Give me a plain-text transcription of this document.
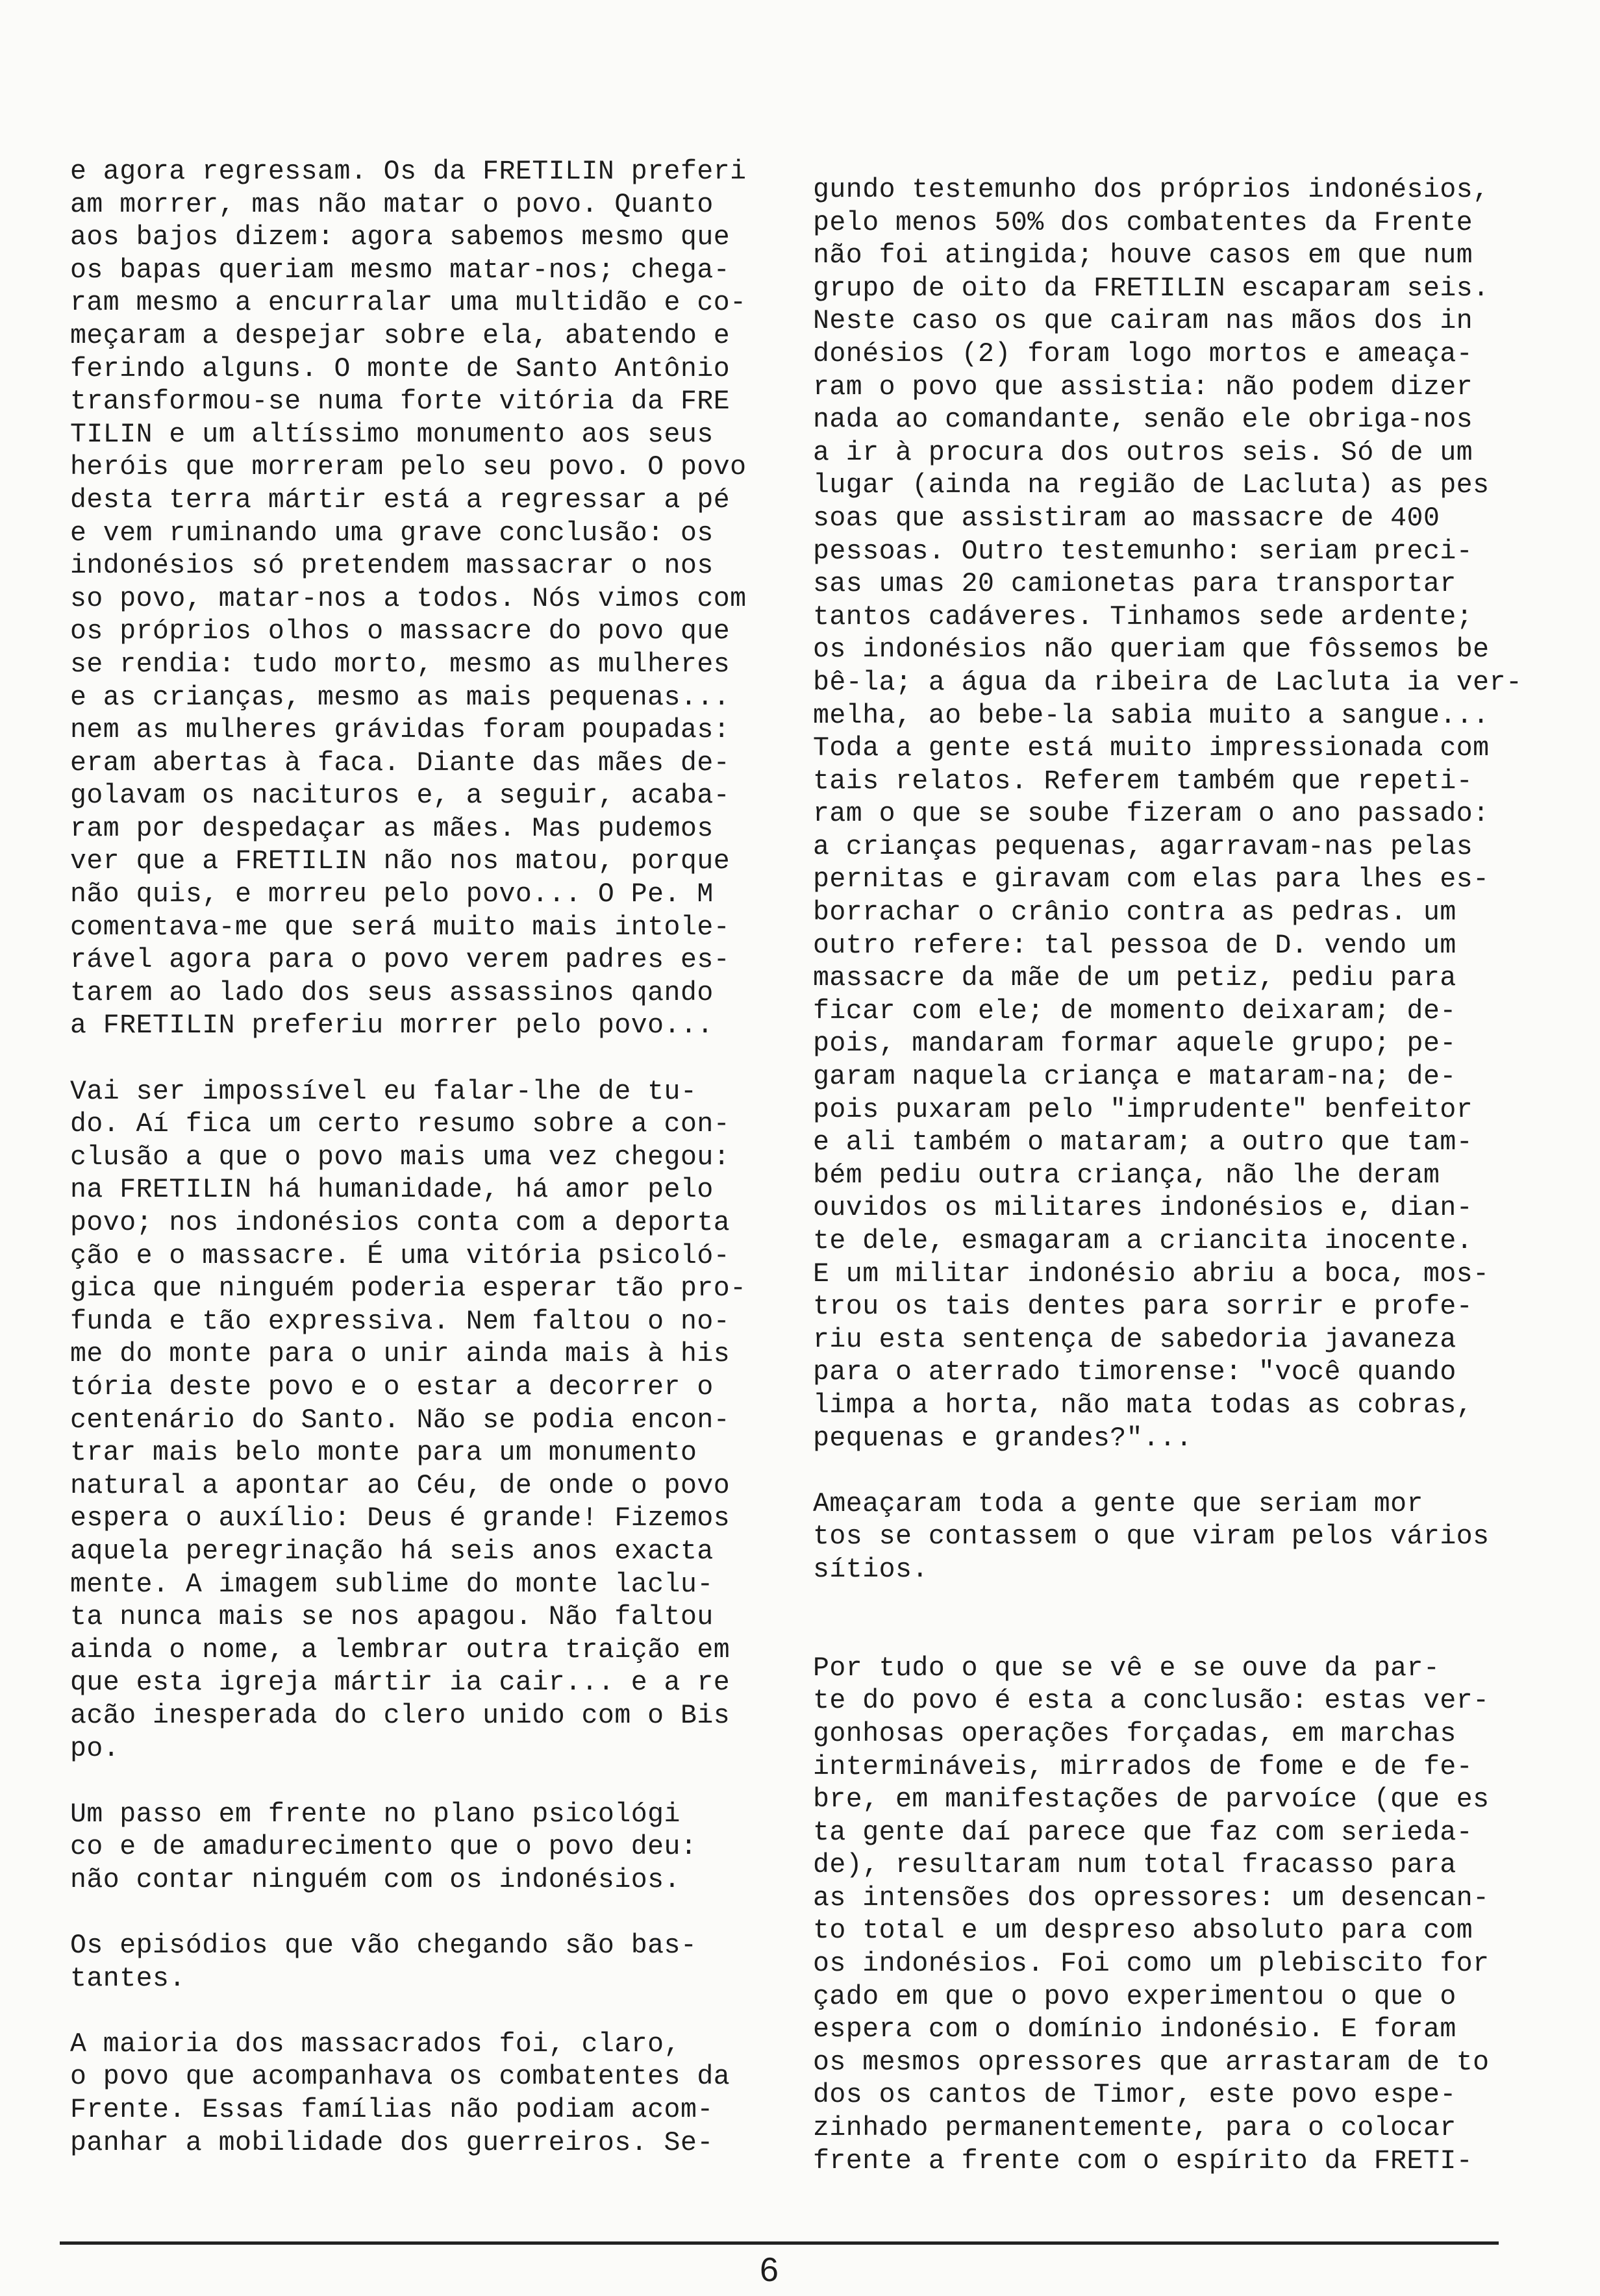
e agora regressam. Os da FRETILIN preferi

am morrer, mas não matar o povo. Quanto

aos bajos dizem: agora sabemos mesmo que

os bapas queriam mesmo matar-nos; chega-

ram mesmo a encurralar uma multidão e co-

meçaram a despejar sobre ela, abatendo e

ferindo alguns. O monte de Santo Antônio

transformou-se numa forte vitória da FRE

TILIN e um altíssimo monumento aos seus

heróis que morreram pelo seu povo. O povo

desta terra mártir está a regressar a pé

e vem ruminando uma grave conclusão: os

indonésios só pretendem massacrar o nos

so povo, matar-nos a todos. Nós vimos com

os próprios olhos o massacre do povo que

se rendia: tudo morto, mesmo as mulheres

e as crianças, mesmo as mais pequenas...

nem as mulheres grávidas foram poupadas:

eram abertas à faca. Diante das mães de-

golavam os nacituros e, a seguir, acaba-

ram por despedaçar as mães. Mas pudemos

ver que a FRETILIN não nos matou, porque

não quis, e morreu pelo povo... O Pe. M

comentava-me que será muito mais intole-

rável agora para o povo verem padres es-

tarem ao lado dos seus assassinos qando

a FRETILIN preferiu morrer pelo povo...

Vai ser impossível eu falar-lhe de tu-

do. Aí fica um certo resumo sobre a con-

clusão a que o povo mais uma vez chegou:

na FRETILIN há humanidade, há amor pelo

povo; nos indonésios conta com a deporta

ção e o massacre. É uma vitória psicoló-

gica que ninguém poderia esperar tão pro-

funda e tão expressiva. Nem faltou o no-

me do monte para o unir ainda mais à his

tória deste povo e o estar a decorrer o

centenário do Santo. Não se podia encon-

trar mais belo monte para um monumento

natural a apontar ao Céu, de onde o povo

espera o auxílio: Deus é grande! Fizemos

aquela peregrinação há seis anos exacta

mente. A imagem sublime do monte laclu-

ta nunca mais se nos apagou. Não faltou

ainda o nome, a lembrar outra traição em

que esta igreja mártir ia cair... e a re

acão inesperada do clero unido com o Bis

po.

Um passo em frente no plano psicológi

co e de amadurecimento que o povo deu:

não contar ninguém com os indonésios.

Os episódios que vão chegando são bas-

tantes.

A maioria dos massacrados foi, claro,

o povo que acompanhava os combatentes da

Frente. Essas famílias não podiam acom-

panhar a mobilidade dos guerreiros. Se-

gundo testemunho dos próprios indonésios,

pelo menos 50% dos combatentes da Frente

não foi atingida; houve casos em que num

grupo de oito da FRETILIN escaparam seis.

Neste caso os que cairam nas mãos dos in

donésios (2) foram logo mortos e ameaça-

ram o povo que assistia: não podem dizer

nada ao comandante, senão ele obriga-nos

a ir à procura dos outros seis. Só de um

lugar (ainda na região de Lacluta) as pes

soas que assistiram ao massacre de 400

pessoas. Outro testemunho: seriam preci-

sas umas 20 camionetas para transportar

tantos cadáveres. Tinhamos sede ardente;

os indonésios não queriam que fôssemos be

bê-la; a água da ribeira de Lacluta ia ver-

melha, ao bebe-la sabia muito a sangue...

Toda a gente está muito impressionada com

tais relatos. Referem também que repeti-

ram o que se soube fizeram o ano passado:

a crianças pequenas, agarravam-nas pelas

pernitas e giravam com elas para lhes es-

borrachar o crânio contra as pedras. um

outro refere: tal pessoa de D. vendo um

massacre da mãe de um petiz, pediu para

ficar com ele; de momento deixaram; de-

pois, mandaram formar aquele grupo; pe-

garam naquela criança e mataram-na; de-

pois puxaram pelo "imprudente" benfeitor

e ali também o mataram; a outro que tam-

bém pediu outra criança, não lhe deram

ouvidos os militares indonésios e, dian-

te dele, esmagaram a criancita inocente.

E um militar indonésio abriu a boca, mos-

trou os tais dentes para sorrir e profe-

riu esta sentença de sabedoria javaneza

para o aterrado timorense: "você quando

limpa a horta, não mata todas as cobras,

pequenas e grandes?"...

Ameaçaram toda a gente que seriam mor

tos se contassem o que viram pelos vários

sítios.

Por tudo o que se vê e se ouve da par-

te do povo é esta a conclusão: estas ver-

gonhosas operações forçadas, em marchas

intermináveis, mirrados de fome e de fe-

bre, em manifestações de parvoíce (que es

ta gente daí parece que faz com serieda-

de), resultaram num total fracasso para

as intensões dos opressores: um desencan-

to total e um despreso absoluto para com

os indonésios. Foi como um plebiscito for

çado em que o povo experimentou o que o

espera com o domínio indonésio. E foram

os mesmos opressores que arrastaram de to

dos os cantos de Timor, este povo espe-

zinhado permanentemente, para o colocar

frente a frente com o espírito da FRETI-

6
